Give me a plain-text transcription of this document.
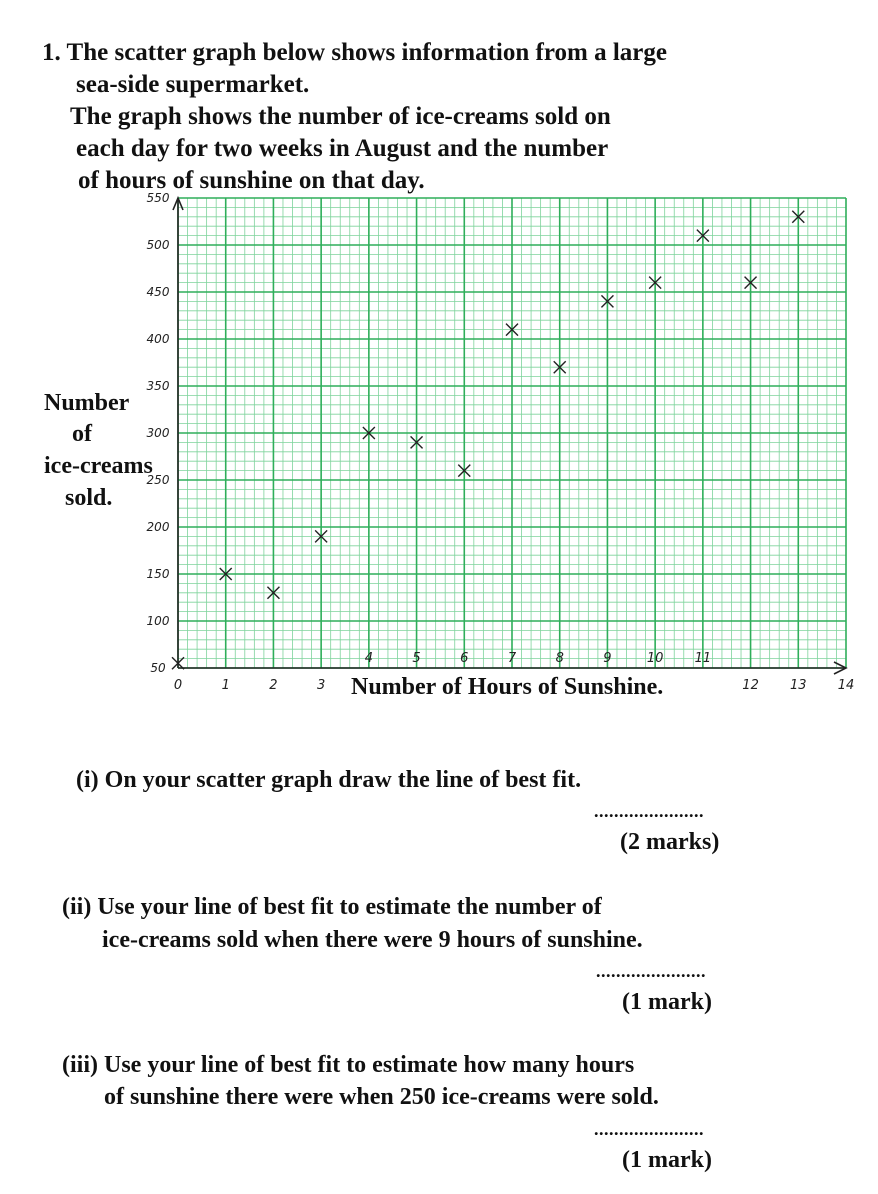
1. The scatter graph below shows information from a large
sea-side supermarket.
The graph shows the number of ice-creams sold on
each day for two weeks in August and the number
of hours of sunshine on that day.
50
100
150
200
250
300
350
400
450
500
550
0	1	2	3
4	5	6	7	8	9	10 11
12 13 14
Number
of
ice-creams
sold.
Number of Hours of Sunshine.
(i) On your scatter graph draw the line of best fit.
......................
(2 marks)
(ii) Use your line of best fit to estimate the number of
ice-creams sold when there were 9 hours of sunshine.
......................
(1 mark)
(iii) Use your line of best fit to estimate how many hours
of sunshine there were when 250 ice-creams were sold.
......................
(1 mark)
